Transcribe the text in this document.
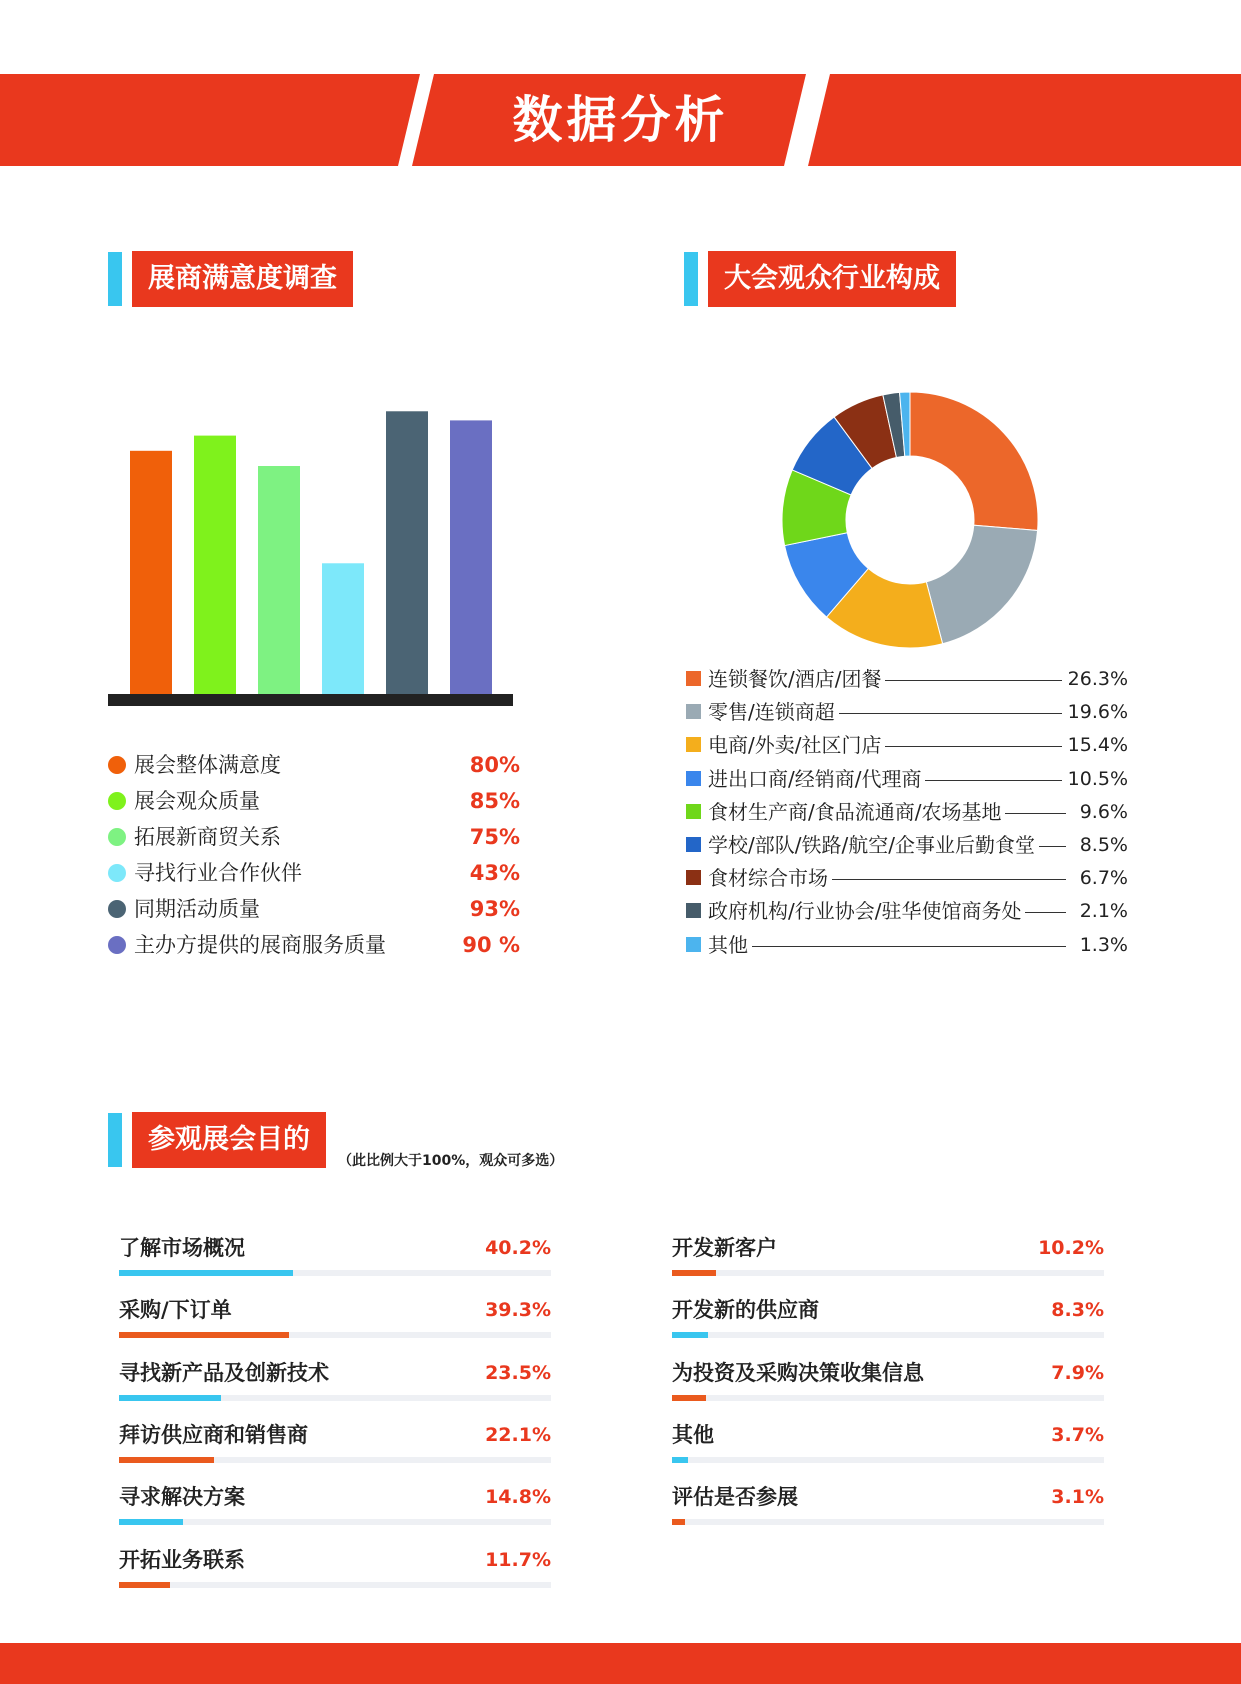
数据分析
展商满意度调查	大会观众行业构成
展会整体满意度	80%
展会观众质量	85%
拓展新商贸关系	75%
寻找行业合作伙伴	43%
同期活动质量	93%
主办方提供的展商服务质量	90 %
连锁餐饮/酒店/团餐	26.3%
零售/连锁商超	19.6%
电商/外卖/社区门店	15.4%
进出口商/经销商/代理商	10.5%
食材生产商/食品流通商/农场基地	9.6%
学校/部队/铁路/航空/企事业后勤食堂	8.5%
食材综合市场	6.7%
政府机构/行业协会/驻华使馆商务处	2.1%
其他	1.3%
参观展会目的
（此比例大于100%，观众可多选）
了解市场概况	40.2%
采购/下订单	39.3%
寻找新产品及创新技术	23.5%
拜访供应商和销售商	22.1%
寻求解决方案	14.8%
开拓业务联系	11.7%
开发新客户	10.2%
开发新的供应商	8.3%
为投资及采购决策收集信息	7.9%
其他	3.7%
评估是否参展	3.1%
